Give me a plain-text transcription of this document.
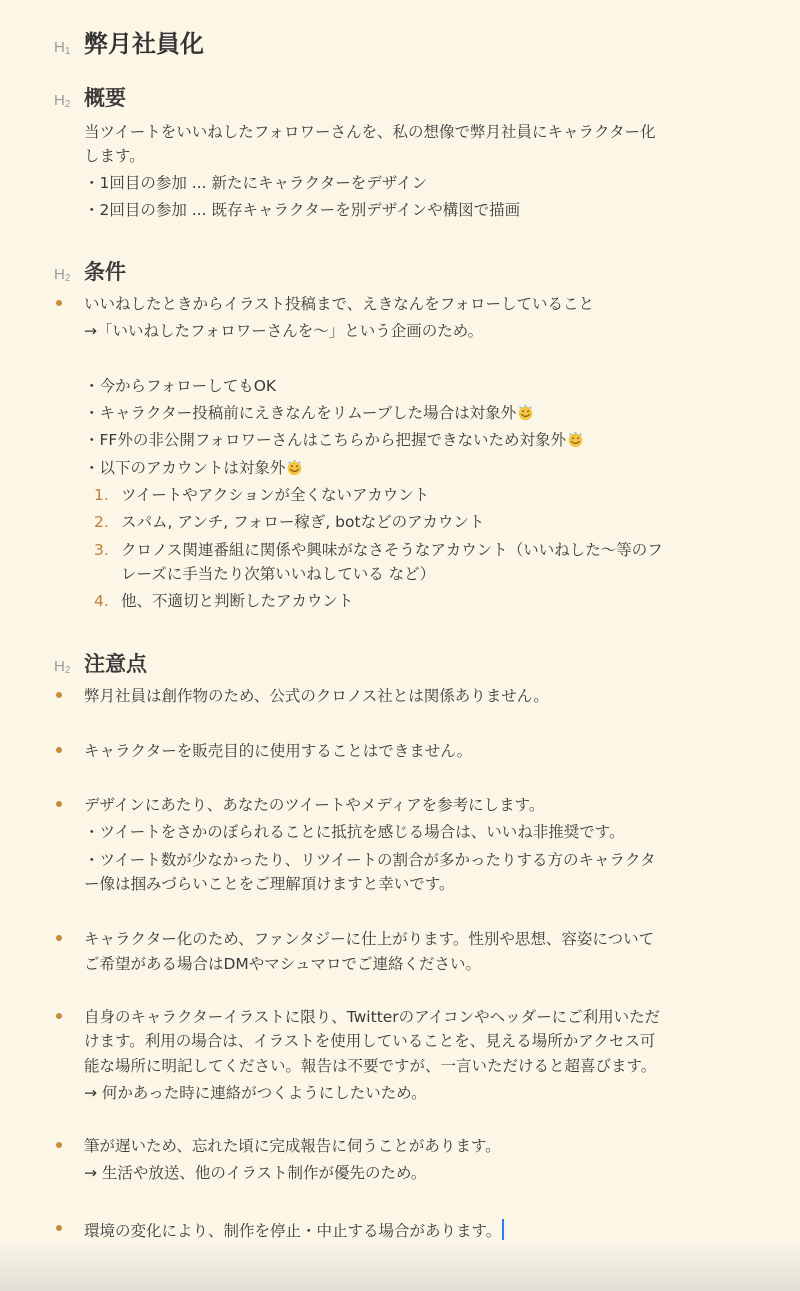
$H_1$ 弊月社員化
$H_2$ 概要
当ツイートをいいねしたフォロワーさんを、私の想像で弊月社員にキャラクター化
します。
・1回目の参加 ... 新たにキャラクターをデザイン
・2回目の参加 ... 既存キャラクターを別デザインや構図で描画
$H_2$ 条件
いいねしたときからイラスト投稿まで、えきなんをフォローしていること
→「いいねしたフォロワーさんを〜」という企画のため。
・今からフォローしてもOK
・キャラクター投稿前にえきなんをリムーブした場合は対象外
・FF外の非公開フォロワーさんはこちらから把握できないため対象外
・以下のアカウントは対象外
1. ツイートやアクションが全くないアカウント
2. スパム, アンチ, フォロー稼ぎ, botなどのアカウント
3. クロノス関連番組に関係や興味がなさそうなアカウント（いいねした〜等のフ
レーズに手当たり次第いいねしている など）
4. 他、不適切と判断したアカウント
$H_2$ 注意点
弊月社員は創作物のため、公式のクロノス社とは関係ありません。
キャラクターを販売目的に使用することはできません。
デザインにあたり、あなたのツイートやメディアを参考にします。
・ツイートをさかのぼられることに抵抗を感じる場合は、いいね非推奨です。
・ツイート数が少なかったり、リツイートの割合が多かったりする方のキャラクタ
ー像は掴みづらいことをご理解頂けますと幸いです。
キャラクター化のため、ファンタジーに仕上がります。性別や思想、容姿について
ご希望がある場合はDMやマシュマロでご連絡ください。
自身のキャラクターイラストに限り、Twitterのアイコンやヘッダーにご利用いただ
けます。利用の場合は、イラストを使用していることを、見える場所かアクセス可
能な場所に明記してください。報告は不要ですが、一言いただけると超喜びます。
→ 何かあった時に連絡がつくようにしたいため。
筆が遅いため、忘れた頃に完成報告に伺うことがあります。
→ 生活や放送、他のイラスト制作が優先のため。
環境の変化により、制作を停止・中止する場合があります。
